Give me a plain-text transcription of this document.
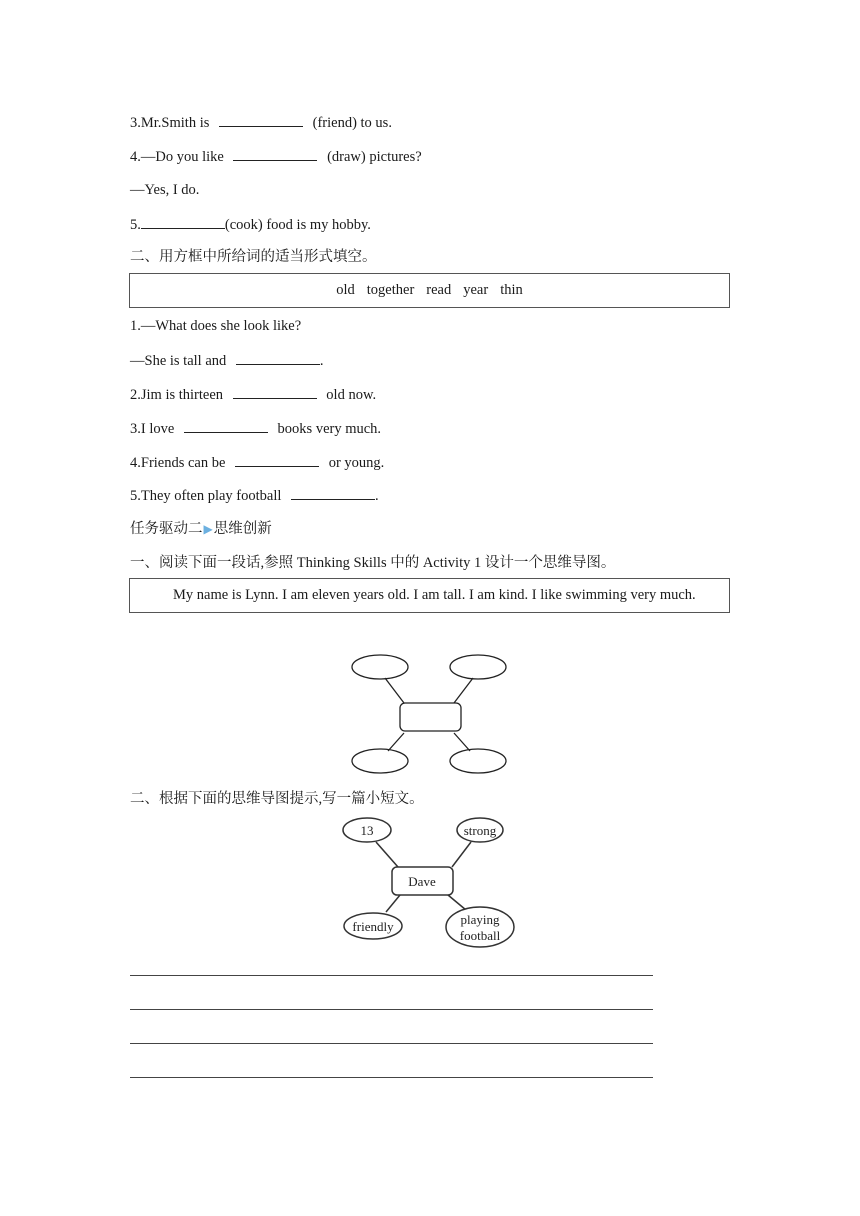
3.Mr.Smith is	(friend) to us.
4.—Do you like	(draw) pictures?
—Yes, I do.
5.	(cook) food is my hobby.
二、用方框中所给词的适当形式填空。
old together read year thin
1.—What does she look like?
—She is tall and	.
2.Jim is thirteen	old now.
3.I love	books very much.
4.Friends can be	or young.
5.They often play football	.
任务驱动二▶思维创新
一、阅读下面一段话,参照 Thinking Skills 中的 Activity 1 设计一个思维导图。
My name is Lynn. I am eleven years old. I am tall. I am kind. I like swimming very much.
二、根据下面的思维导图提示,写一篇小短文。
13	strong
friendly	playing
football
Dave
